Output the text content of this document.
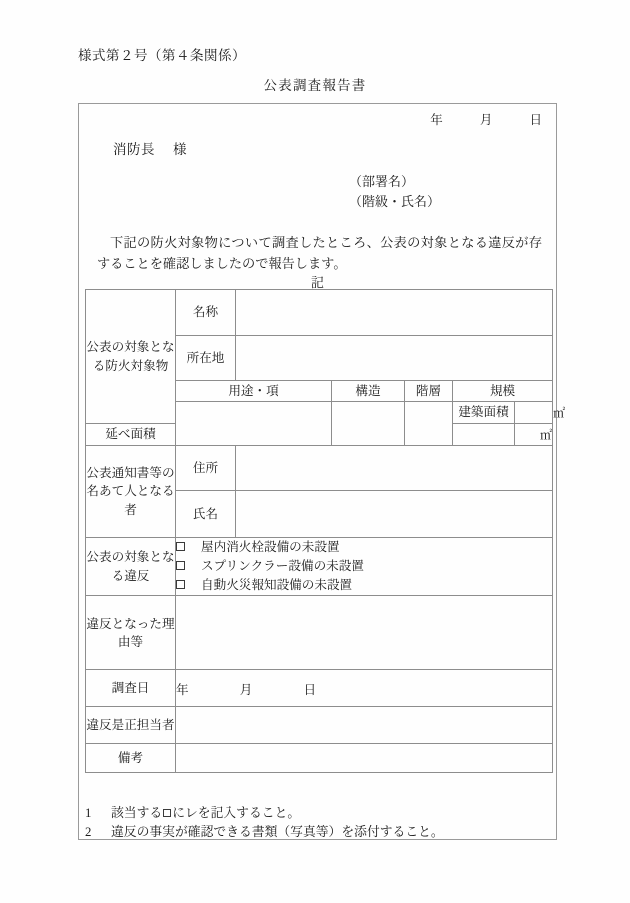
様式第２号（第４条関係）
公表調査報告書
年	月	日
消防長 様
（部署名）
（階級・氏名）
下記の防火対象物について調査したところ、公表の対象となる違反が存することを確認しましたので報告します。
記
公表の対象となる防火対象物	名称						
	所在地						
	用途・項		構造	階層	規模		
					建築面積		㎡
延べ面積						㎡	
公表通知書等の名あて人となる者	住所						
	氏名						
公表の対象となる違反	屋内消火栓設備の未設置
スプリンクラー設備の未設置
自動火災報知設備の未設置						

違反となった理由等							
調査日	年 月 日						
違反是正担当者							
備考							
1 該当する にレを記入すること。
2 違反の事実が確認できる書類（写真等）を添付すること。
